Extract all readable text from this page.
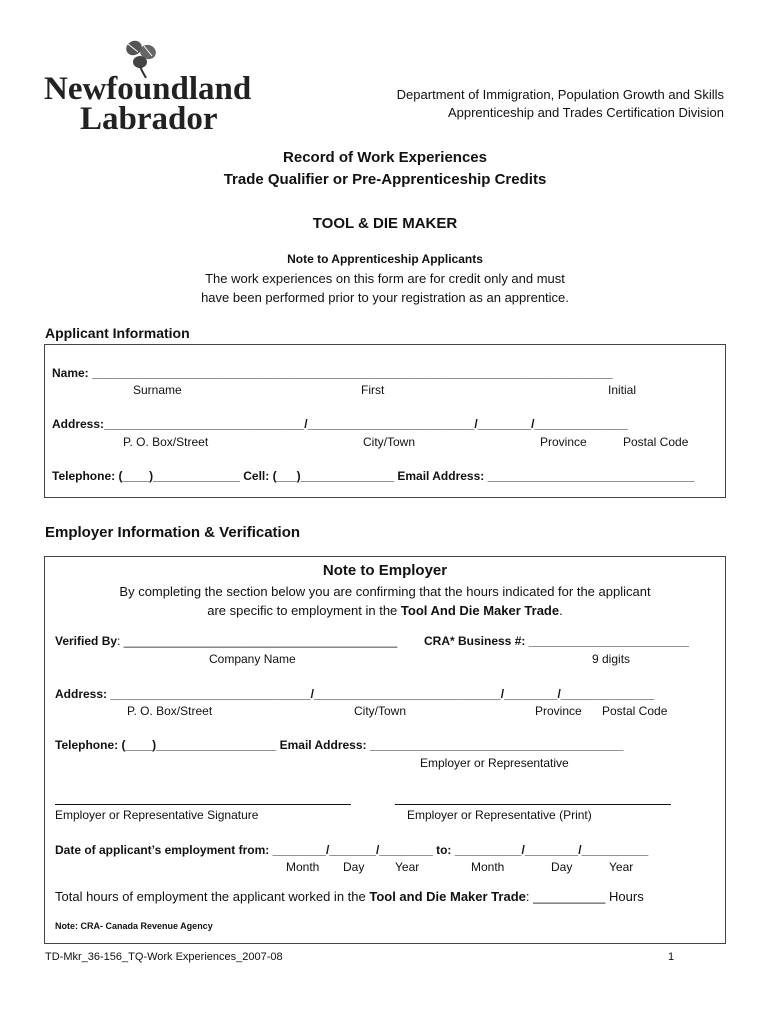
Newfoundland
Labrador
Department of Immigration, Population Growth and Skills
Apprenticeship and Trades Certification Division
Record of Work Experiences
Trade Qualifier or Pre-Apprenticeship Credits
TOOL & DIE MAKER
Note to Apprenticeship Applicants
The work experiences on this form are for credit only and must
have been performed prior to your registration as an apprentice.
Applicant Information
Name: ______________________________________________________________________________
Surname	First	Initial
Address:______________________________/_________________________/________/______________
P. O. Box/Street	City/Town	Province	Postal Code
Telephone: (____)_____________ Cell: (___)______________ Email Address: _______________________________
Employer Information & Verification
Note to Employer
By completing the section below you are confirming that the hours indicated for the applicant
are specific to employment in the Tool And Die Maker Trade.
Verified By: _________________________________________ CRA* Business #: ________________________
Company Name	9 digits
Address: ______________________________/____________________________/________/______________
P. O. Box/Street	City/Town	Province Postal Code
Telephone: (____)__________________ Email Address: ______________________________________
Employer or Representative
Employer or Representative Signature	Employer or Representative (Print)
Date of applicant’s employment from: ________/_______/________ to: __________/________/__________
Month Day	Year	Month	Day	Year
Total hours of employment the applicant worked in the Tool and Die Maker Trade: __________ Hours
Note: CRA- Canada Revenue Agency
TD-Mkr_36-156_TQ-Work Experiences_2007-08	1
